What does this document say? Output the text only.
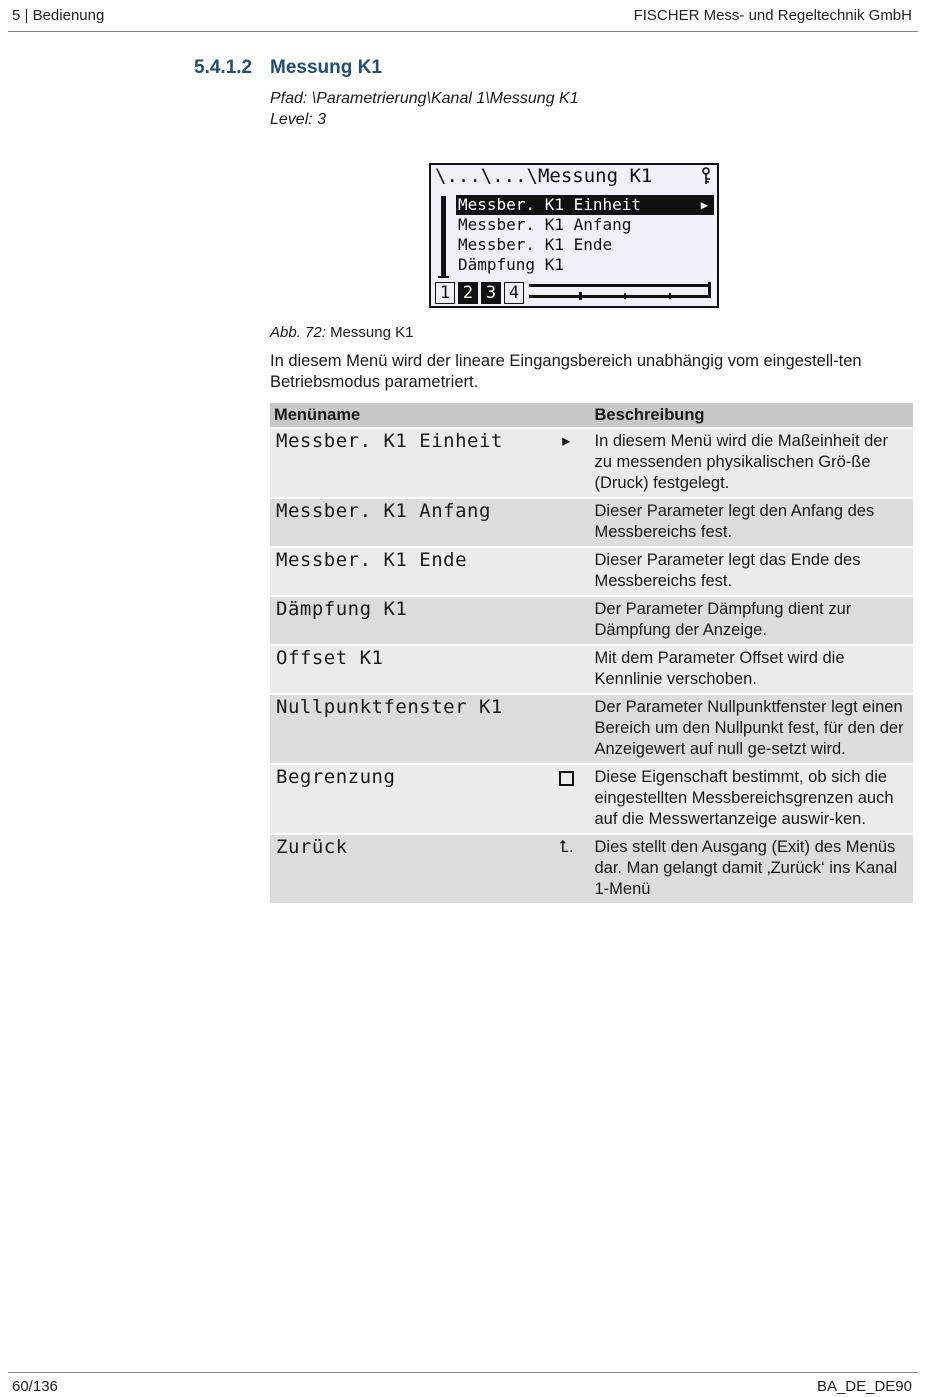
5 | Bedienung	FISCHER Mess- und Regeltechnik GmbH
5.4.1.2 Messung K1
Pfad: \Parametrierung\Kanal 1\Messung K1
Level: 3
\...\...\Messung K1
Messber. K1 Einheit	▶
Messber. K1 Anfang
Messber. K1 Ende
Dämpfung K1
1 2 3 4
Abb. 72: Messung K1
In diesem Menü wird der lineare Eingangsbereich unabhängig vom eingestell-ten Betriebsmodus parametriert.
Menüname		Beschreibung
Messber. K1 Einheit	▸	In diesem Menü wird die Maßeinheit der zu messenden physikalischen Grö-ße (Druck) festgelegt.
Messber. K1 Anfang		Dieser Parameter legt den Anfang des Messbereichs fest.
Messber. K1 Ende		Dieser Parameter legt das Ende des Messbereichs fest.
Dämpfung K1		Der Parameter Dämpfung dient zur Dämpfung der Anzeige.
Offset K1		Mit dem Parameter Offset wird die Kennlinie verschoben.
Nullpunktfenster K1		Der Parameter Nullpunktfenster legt einen Bereich um den Nullpunkt fest, für den der Anzeigewert auf null ge-setzt wird.
Begrenzung		Diese Eigenschaft bestimmt, ob sich die eingestellten Messbereichsgrenzen auch auf die Messwertanzeige auswir-ken.
Zurück	⮤.	Dies stellt den Ausgang (Exit) des Menüs dar. Man gelangt damit ‚Zurück‘ ins Kanal 1-Menü
60/136	BA_DE_DE90
